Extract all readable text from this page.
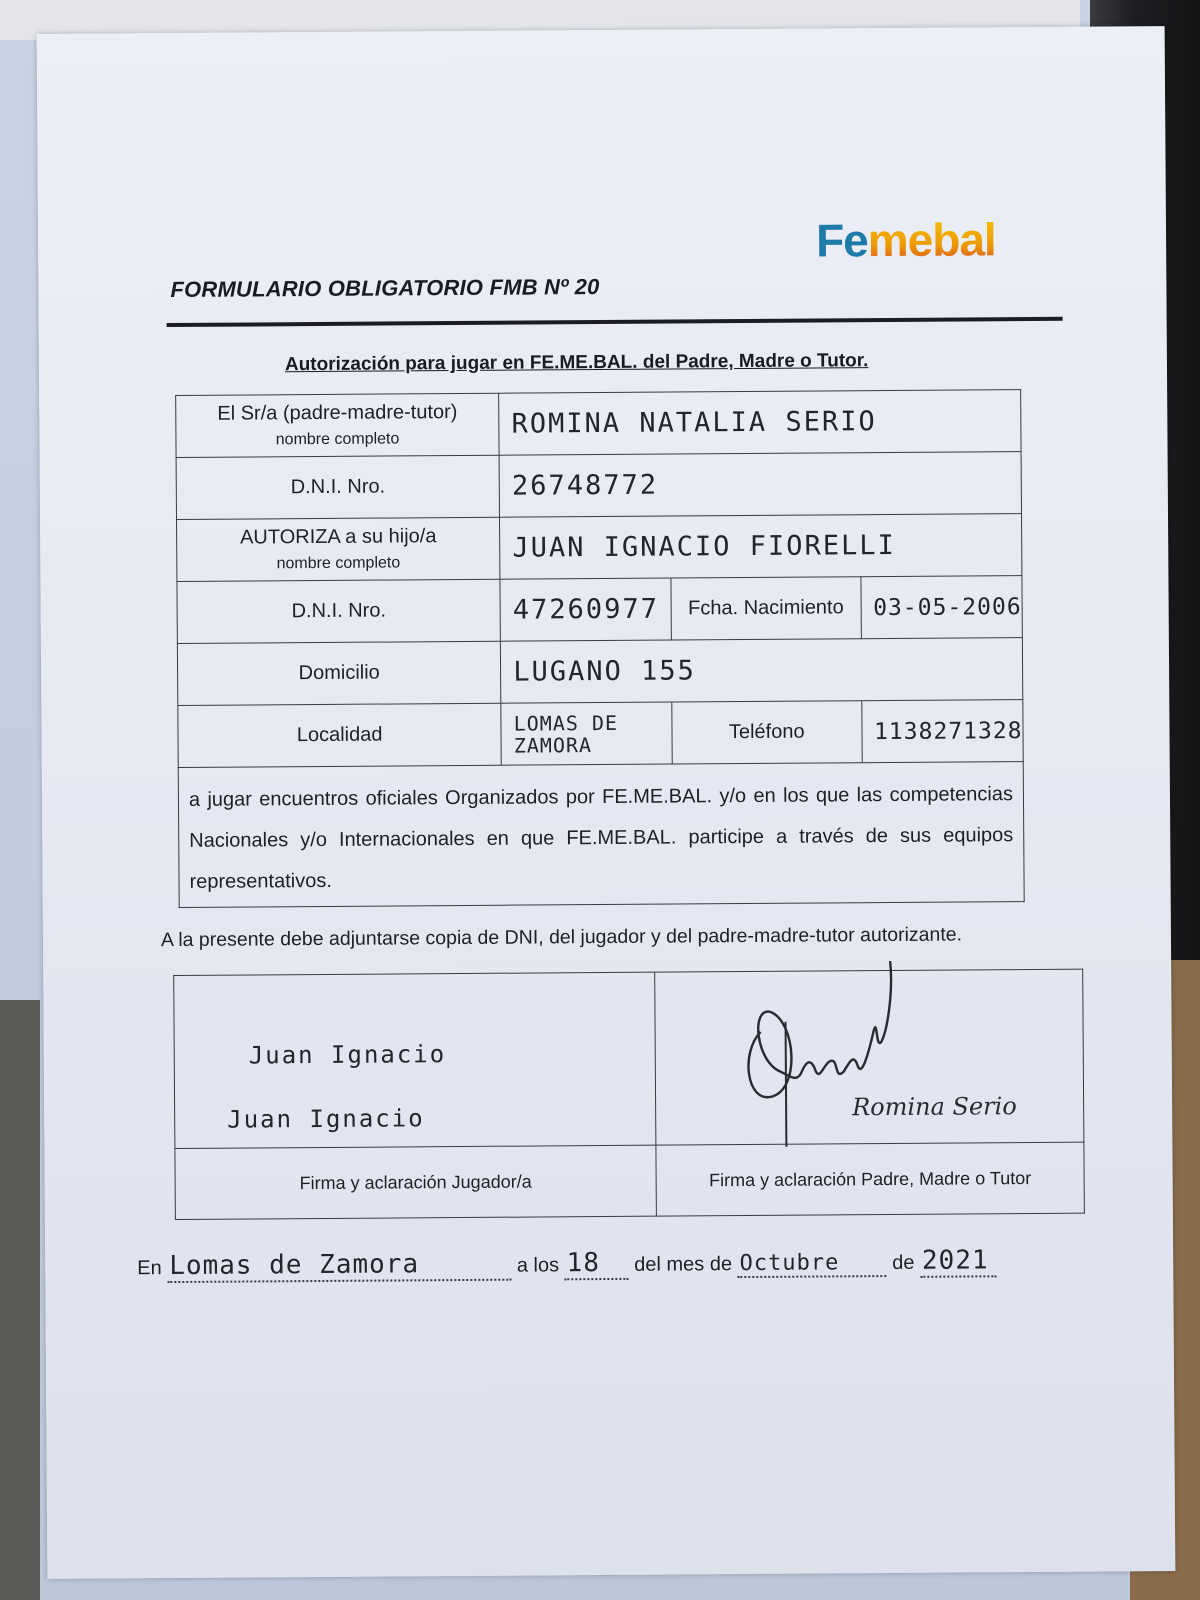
Femebal
FORMULARIO OBLIGATORIO FMB Nº 20
Autorización para jugar en FE.ME.BAL. del Padre, Madre o Tutor.
El Sr/a (padre-madre-tutor)
nombre completo	ROMINA NATALIA SERIO		
D.N.I. Nro.	26748772		
AUTORIZA a su hijo/a
nombre completo	JUAN IGNACIO FIORELLI		
D.N.I. Nro.	47260977	Fcha. Nacimiento	03-05-2006
Domicilio	LUGANO 155		
Localidad	LOMAS DE ZAMORA	Teléfono	1138271328
a jugar encuentros oficiales Organizados por FE.ME.BAL. y/o en los que las competencias Nacionales y/o Internacionales en que FE.ME.BAL. participe a través de sus equipos representativos.			
A la presente debe adjuntarse copia de DNI, del jugador y del padre-madre-tutor autorizante.
Juan Ignacio
Juan Ignacio	Romina Serio

Firma y aclaración Jugador/a	Firma y aclaración Padre, Madre o Tutor
En Lomas de Zamora	a los 18 del mes de Octubre	de 2021
